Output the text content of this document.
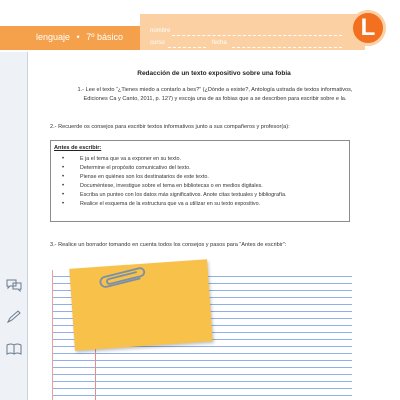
lenguaje • 7º básico
nombre
curso	fecha
L
Redacción de un texto expositivo sobre una fobia

1.- Lee el texto “¿Tienes miedo a contarlo a bes?” (¿Dónde a existe?, Antología ustrada de textos informativos, Ediciones Ca y Canto, 2011, p. 127) y escoja una de as fobias que a se describen para escribir sobre e la.

2.- Recuerde os consejos para escribir textos informativos junto a sus compañeros y profesor(a):

Antes de escribir:
•	E ja el tema que va a exponer en su texto.
•	Determine el propósito comunicativo del texto.
•	Piense en quiénes son los destinatarios de este texto.
•	Documéntese, investigue sobre el tema en bibliotecas o en medios digitales.
•	Escriba un punteo con los datos más significativos. Anote citas textuales y bibliografía.
•	Realice el esquema de la estructura que va a utilizar en su texto expositivo.

3.- Realice un borrador tomando en cuenta todos los consejos y pasos para “Antes de escribir”:
